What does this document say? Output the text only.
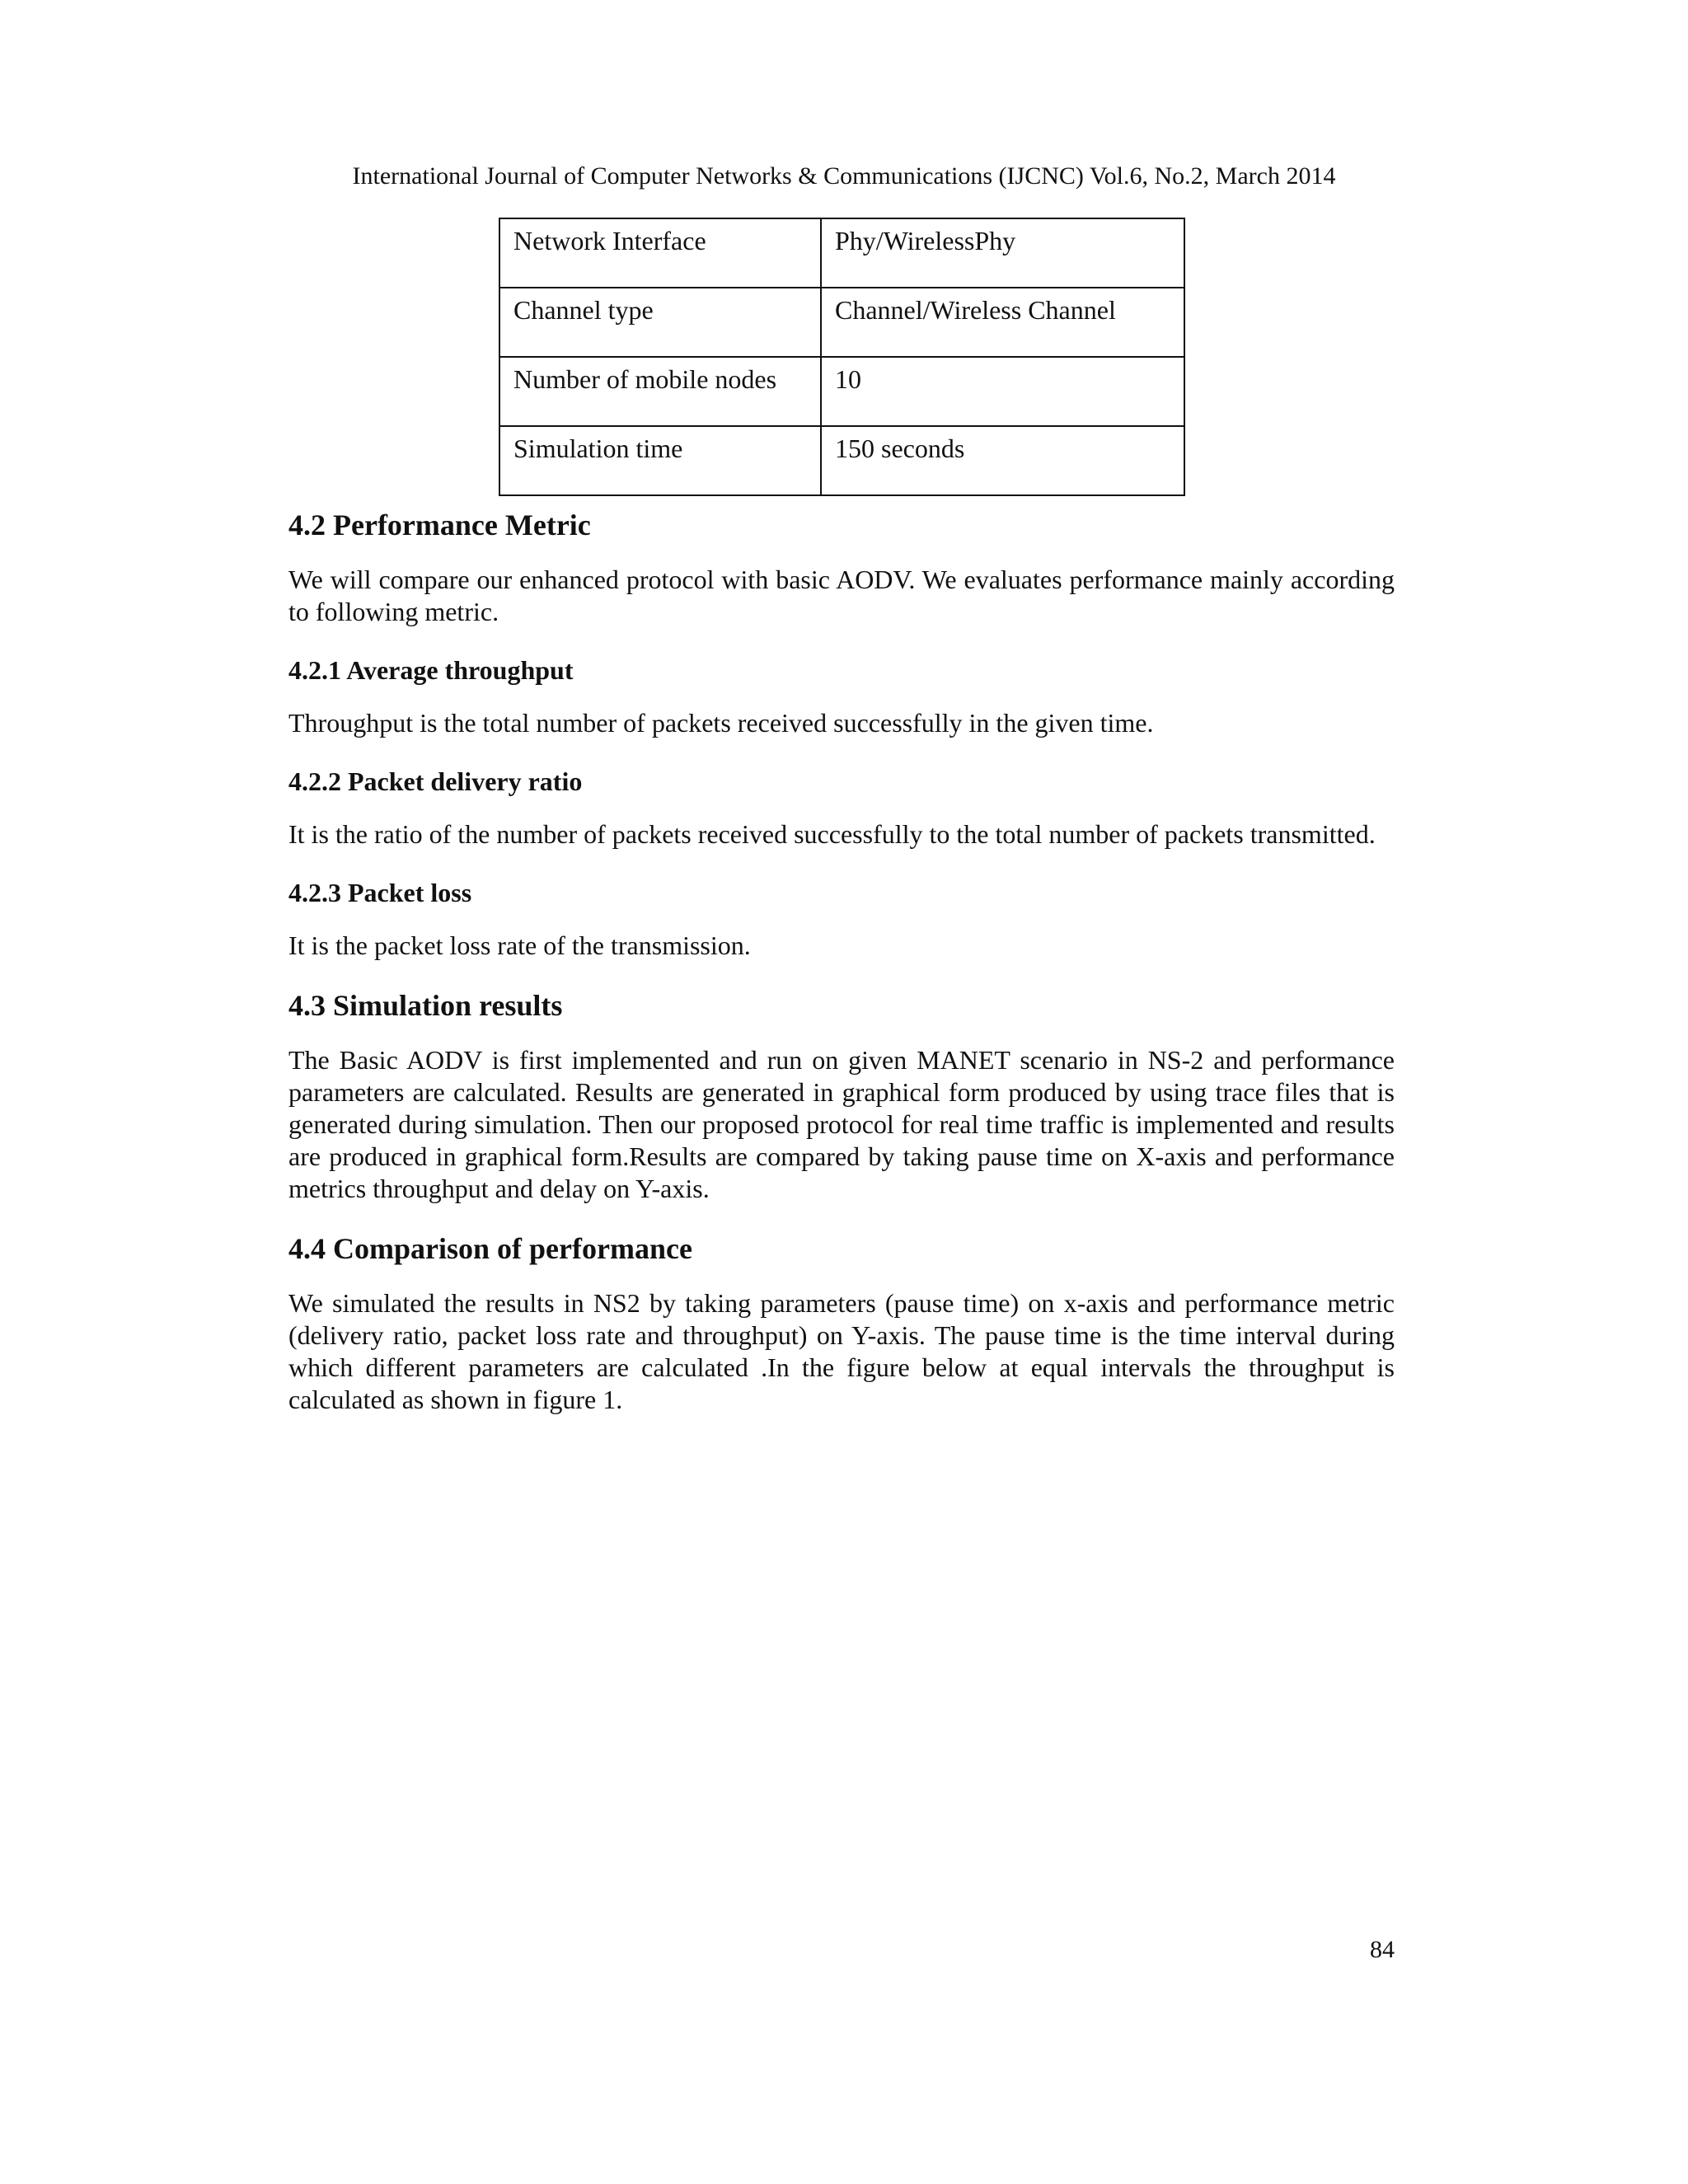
International Journal of Computer Networks & Communications (IJCNC) Vol.6, No.2, March 2014
Network Interface	Phy/WirelessPhy
Channel type	Channel/Wireless Channel
Number of mobile nodes	10
Simulation time	150 seconds
4.2 Performance Metric

We will compare our enhanced protocol with basic AODV. We evaluates performance mainly according to following metric.

4.2.1 Average throughput

Throughput is the total number of packets received successfully in the given time.

4.2.2 Packet delivery ratio

It is the ratio of the number of packets received successfully to the total number of packets transmitted.

4.2.3 Packet loss

It is the packet loss rate of the transmission.

4.3 Simulation results

The Basic AODV is first implemented and run on given MANET scenario in NS-2 and performance parameters are calculated. Results are generated in graphical form produced by using trace files that is generated during simulation. Then our proposed protocol for real time traffic is implemented and results are produced in graphical form.Results are compared by taking pause time on X-axis and performance metrics throughput and delay on Y-axis.

4.4 Comparison of performance

We simulated the results in NS2 by taking parameters (pause time) on x-axis and performance metric (delivery ratio, packet loss rate and throughput) on Y-axis. The pause time is the time interval during which different parameters are calculated .In the figure below at equal intervals the throughput is calculated as shown in figure 1.

84
